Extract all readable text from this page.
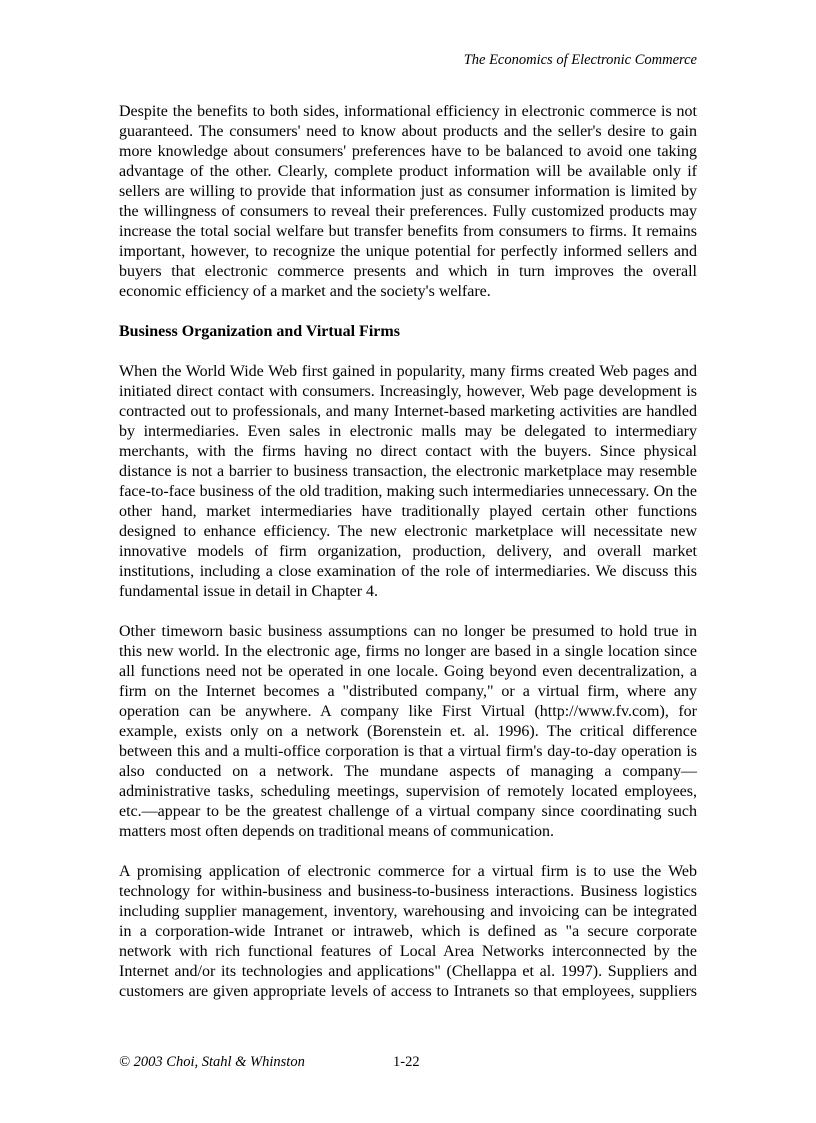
The Economics of Electronic Commerce
Despite the benefits to both sides, informational efficiency in electronic commerce is not
guaranteed. The consumers' need to know about products and the seller's desire to gain
more knowledge about consumers' preferences have to be balanced to avoid one taking
advantage of the other. Clearly, complete product information will be available only if
sellers are willing to provide that information just as consumer information is limited by
the willingness of consumers to reveal their preferences. Fully customized products may
increase the total social welfare but transfer benefits from consumers to firms. It remains
important, however, to recognize the unique potential for perfectly informed sellers and
buyers that electronic commerce presents and which in turn improves the overall
economic efficiency of a market and the society's welfare.
Business Organization and Virtual Firms
When the World Wide Web first gained in popularity, many firms created Web pages and
initiated direct contact with consumers. Increasingly, however, Web page development is
contracted out to professionals, and many Internet-based marketing activities are handled
by intermediaries. Even sales in electronic malls may be delegated to intermediary
merchants, with the firms having no direct contact with the buyers. Since physical
distance is not a barrier to business transaction, the electronic marketplace may resemble
face-to-face business of the old tradition, making such intermediaries unnecessary. On the
other hand, market intermediaries have traditionally played certain other functions
designed to enhance efficiency. The new electronic marketplace will necessitate new
innovative models of firm organization, production, delivery, and overall market
institutions, including a close examination of the role of intermediaries. We discuss this
fundamental issue in detail in Chapter 4.
Other timeworn basic business assumptions can no longer be presumed to hold true in
this new world. In the electronic age, firms no longer are based in a single location since
all functions need not be operated in one locale. Going beyond even decentralization, a
firm on the Internet becomes a "distributed company," or a virtual firm, where any
operation can be anywhere. A company like First Virtual (http://www.fv.com), for
example, exists only on a network (Borenstein et. al. 1996). The critical difference
between this and a multi-office corporation is that a virtual firm's day-to-day operation is
also conducted on a network. The mundane aspects of managing a company—
administrative tasks, scheduling meetings, supervision of remotely located employees,
etc.—appear to be the greatest challenge of a virtual company since coordinating such
matters most often depends on traditional means of communication.
A promising application of electronic commerce for a virtual firm is to use the Web
technology for within-business and business-to-business interactions. Business logistics
including supplier management, inventory, warehousing and invoicing can be integrated
in a corporation-wide Intranet or intraweb, which is defined as "a secure corporate
network with rich functional features of Local Area Networks interconnected by the
Internet and/or its technologies and applications" (Chellappa et al. 1997). Suppliers and
customers are given appropriate levels of access to Intranets so that employees, suppliers
© 2003 Choi, Stahl & Whinston	1-22
